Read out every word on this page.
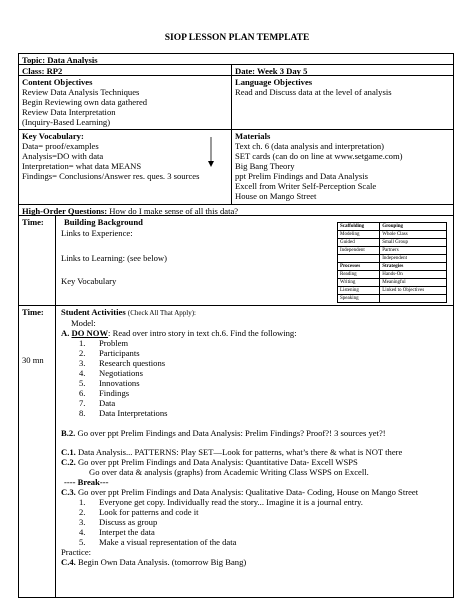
SIOP LESSON PLAN TEMPLATE
Topic: Data Analysis
Class: RP2	Date: Week 3 Day 5
Content Objectives
Review Data Analysis Techniques
Begin Reviewing own data gathered
Review Data Interpretation
(Inquiry-Based Learning)
Language Objectives
Read and Discuss data at the level of analysis
Key Vocabulary:
Data= proof/examples
Analysis=DO with data
Interpretation= what data MEANS
Findings= Conclusions/Answer res. ques. 3 sources
Materials
Text ch. 6 (data analysis and interpretation)
SET cards (can do on line at www.setgame.com)
Big Bang Theory
ppt Prelim Findings and Data Analysis
Excell from Writer Self-Perception Scale
House on Mango Street
High-Order Questions: How do I make sense of all this data?
Time:	Building Background
Links to Experience:
Links to Learning: (see below)
Key Vocabulary
Scaffolding	Grouping
Modeling	Whole Class
Guided	Small Group
Independent	Partners
	Independent
Processes	Strategies
Reading	Hands-On
Writing	Meaningful
Listening	Linked to Objectives
Speaking	
Time:
30 mn
Student Activities (Check All That Apply):
Model:
A. DO NOW: Read over intro story in text ch.6. Find the following:
1. Problem
2. Participants
3. Research questions
4. Negotiations
5. Innovations
6. Findings
7. Data
8. Data Interpretations
B.2. Go over ppt Prelim Findings and Data Analysis: Prelim Findings? Proof?! 3 sources yet?!
C.1. Data Analysis... PATTERNS: Play SET—Look for patterns, what’s there & what is NOT there
C.2. Go over ppt Prelim Findings and Data Analysis: Quantitative Data- Excell WSPS
Go over data & analysis (graphs) from Academic Writing Class WSPS on Excell.
---- Break---
C.3. Go over ppt Prelim Findings and Data Analysis: Qualitative Data- Coding, House on Mango Street
1. Everyone get copy. Individually read the story... Imagine it is a journal entry.
2. Look for patterns and code it
3. Discuss as group
4. Interpet the data
5. Make a visual representation of the data
Practice:
C.4. Begin Own Data Analysis. (tomorrow Big Bang)
